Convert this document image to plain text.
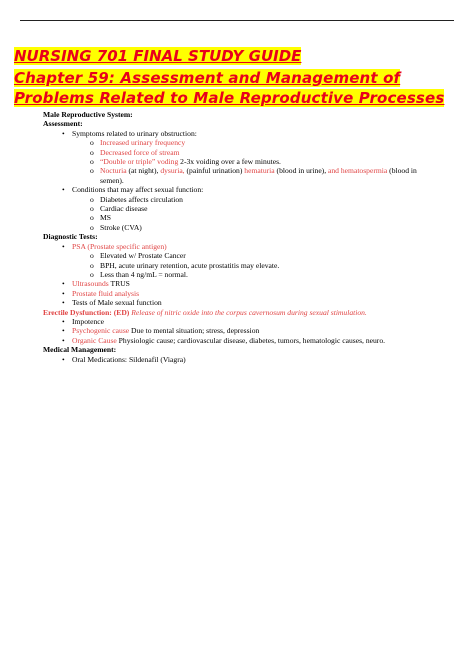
NURSING 701 FINAL STUDY GUIDE
Chapter 59: Assessment and Management of
Problems Related to Male Reproductive Processes
Male Reproductive System:
Assessment:
• Symptoms related to urinary obstruction:
o Increased urinary frequency
o Decreased force of stream
o “Double or triple” voding 2-3x voiding over a few minutes.
o Nocturia (at night), dysuria, (painful urination) hematuria (blood in urine), and hematospermia (blood in
semen).
• Conditions that may affect sexual function:
o Diabetes affects circulation
o Cardiac disease
o MS
o Stroke (CVA)
Diagnostic Tests:
• PSA (Prostate specific antigen)
o Elevated w/ Prostate Cancer
o BPH, acute urinary retention, acute prostatitis may elevate.
o Less than 4 ng/mL = normal.
• Ultrasounds TRUS
• Prostate fluid analysis
• Tests of Male sexual function
Erectile Dysfunction: (ED) Release of nitric oxide into the corpus cavernosum during sexual stimulation.
• Impotence
• Psychogenic cause Due to mental situation; stress, depression
• Organic Cause Physiologic cause; cardiovascular disease, diabetes, tumors, hematologic causes, neuro.
Medical Management:
• Oral Medications: Sildenafil (Viagra)
